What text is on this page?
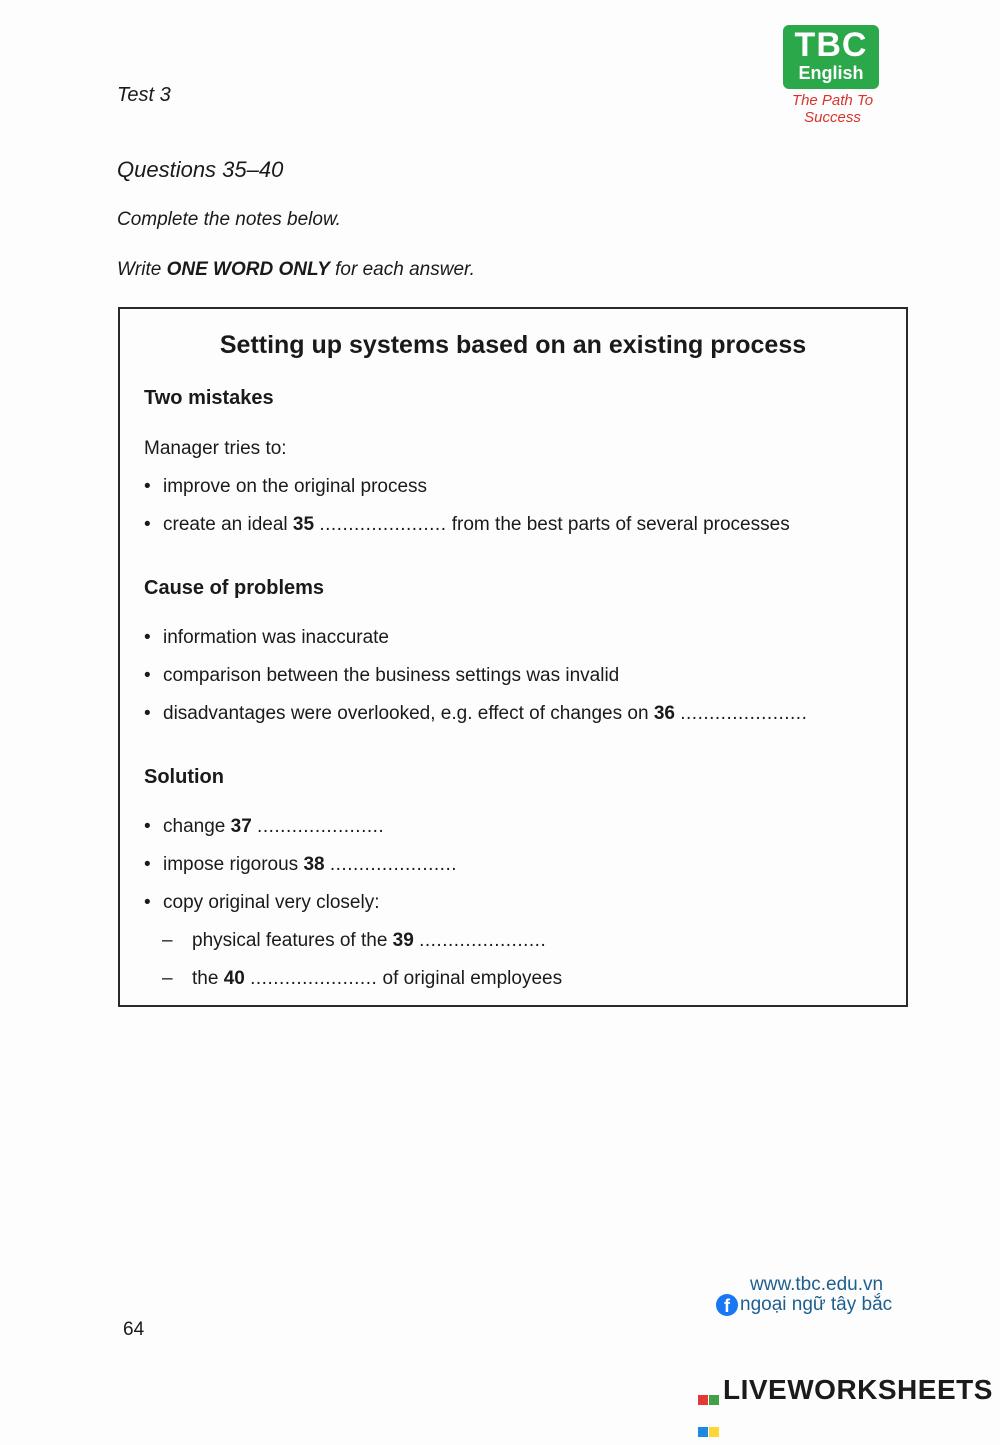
Test 3
Questions 35–40
Complete the notes below.
Write ONE WORD ONLY for each answer.
TBC
English
The Path To Success
Setting up systems based on an existing process
Two mistakes
Manager tries to:
• improve on the original process
• create an ideal 35 ...................... from the best parts of several processes
Cause of problems
• information was inaccurate
• comparison between the business settings was invalid
• disadvantages were overlooked, e.g. effect of changes on 36 ......................
Solution
• change 37 ......................
• impose rigorous 38 ......................
• copy original very closely:
– physical features of the 39 ......................
– the 40 ...................... of original employees
64
www.tbc.edu.vn
f ngoại ngữ tây bắc
LIVEWORKSHEETS
